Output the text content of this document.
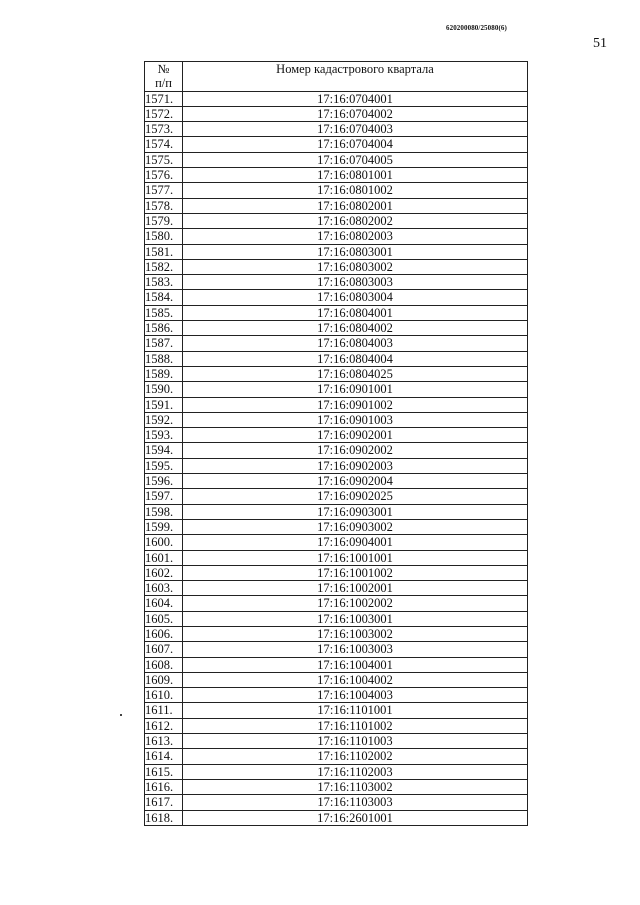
620200080/25080(6)
51
№
п/п	Номер кадастрового квартала
1571.	17:16:0704001
1572.	17:16:0704002
1573.	17:16:0704003
1574.	17:16:0704004
1575.	17:16:0704005
1576.	17:16:0801001
1577.	17:16:0801002
1578.	17:16:0802001
1579.	17:16:0802002
1580.	17:16:0802003
1581.	17:16:0803001
1582.	17:16:0803002
1583.	17:16:0803003
1584.	17:16:0803004
1585.	17:16:0804001
1586.	17:16:0804002
1587.	17:16:0804003
1588.	17:16:0804004
1589.	17:16:0804025
1590.	17:16:0901001
1591.	17:16:0901002
1592.	17:16:0901003
1593.	17:16:0902001
1594.	17:16:0902002
1595.	17:16:0902003
1596.	17:16:0902004
1597.	17:16:0902025
1598.	17:16:0903001
1599.	17:16:0903002
1600.	17:16:0904001
1601.	17:16:1001001
1602.	17:16:1001002
1603.	17:16:1002001
1604.	17:16:1002002
1605.	17:16:1003001
1606.	17:16:1003002
1607.	17:16:1003003
1608.	17:16:1004001
1609.	17:16:1004002
1610.	17:16:1004003
1611.	17:16:1101001
1612.	17:16:1101002
1613.	17:16:1101003
1614.	17:16:1102002
1615.	17:16:1102003
1616.	17:16:1103002
1617.	17:16:1103003
1618.	17:16:2601001
